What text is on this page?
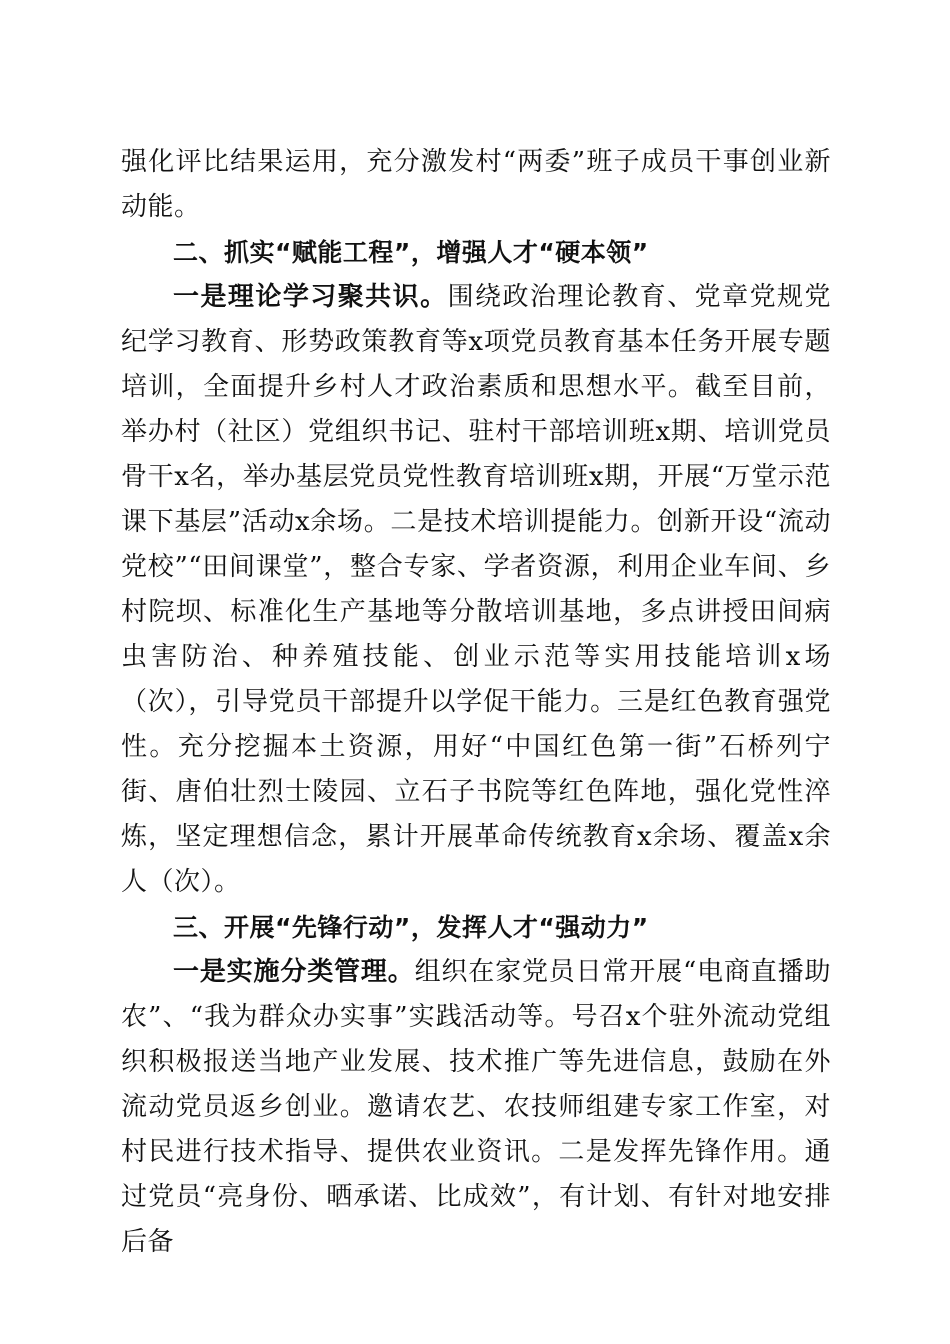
强化评比结果运用，充分激发村“两委”班子成员干事创业新动能。

二、抓实“赋能工程”，增强人才“硬本领”

一是理论学习聚共识。围绕政治理论教育、党章党规党纪学习教育、形势政策教育等x项党员教育基本任务开展专题培训，全面提升乡村人才政治素质和思想水平。截至目前，举办村（社区）党组织书记、驻村干部培训班x期、培训党员骨干x名，举办基层党员党性教育培训班x期，开展“万堂示范课下基层”活动x余场。二是技术培训提能力。创新开设“流动党校”“田间课堂”，整合专家、学者资源，利用企业车间、乡村院坝、标准化生产基地等分散培训基地，多点讲授田间病虫害防治、种养殖技能、创业示范等实用技能培训x场（次），引导党员干部提升以学促干能力。三是红色教育强党性。充分挖掘本土资源，用好“中国红色第一街”石桥列宁街、唐伯壮烈士陵园、立石子书院等红色阵地，强化党性淬炼，坚定理想信念，累计开展革命传统教育x余场、覆盖x余人（次）。

三、开展“先锋行动”，发挥人才“强动力”

一是实施分类管理。组织在家党员日常开展“电商直播助农”、“我为群众办实事”实践活动等。号召x个驻外流动党组织积极报送当地产业发展、技术推广等先进信息，鼓励在外流动党员返乡创业。邀请农艺、农技师组建专家工作室，对村民进行技术指导、提供农业资讯。二是发挥先锋作用。通过党员“亮身份、晒承诺、比成效”，有计划、有针对地安排后备
